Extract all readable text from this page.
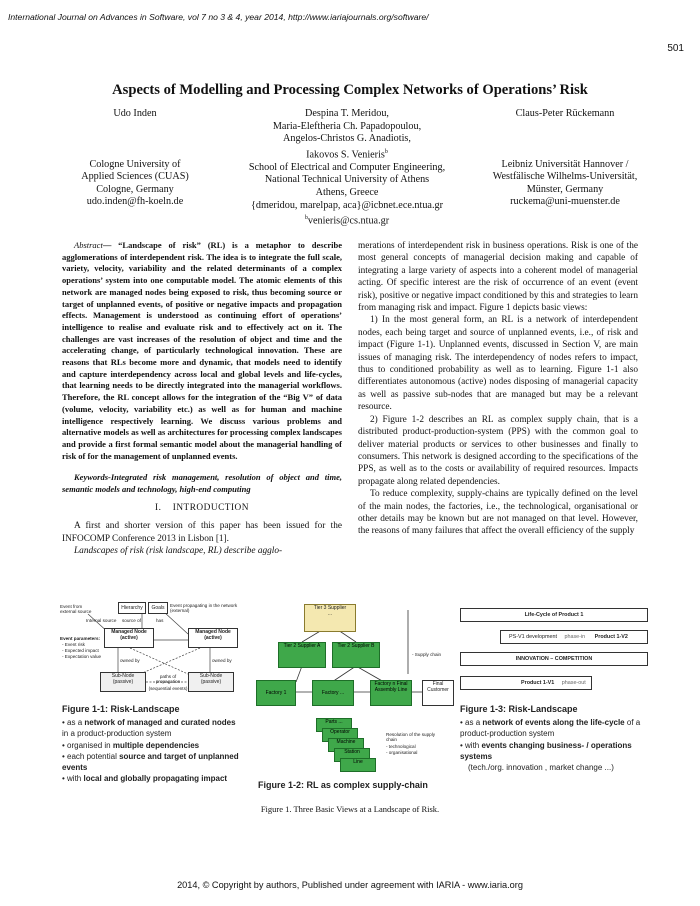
International Journal on Advances in Software, vol 7 no 3 & 4, year 2014, http://www.iariajournals.org/software/
501
Aspects of Modelling and Processing Complex Networks of Operations’ Risk
Udo Inden
Cologne University of
Applied Sciences (CUAS)
Cologne, Germany
udo.inden@fh-koeln.de
Despina T. Meridou,
Maria-Eleftheria Ch. Papadopoulou,
Angelos-Christos G. Anadiotis,
Iakovos S. Venieris$^b$
School of Electrical and Computer Engineering,
National Technical University of Athens
Athens, Greece
{dmeridou, marelpap, aca}@icbnet.ece.ntua.gr
$^b$venieris@cs.ntua.gr
Claus-Peter Rückemann
Leibniz Universität Hannover /
Westfälische Wilhelms-Universität,
Münster, Germany
ruckema@uni-muenster.de

Abstract— “Landscape of risk” (RL) is a metaphor to describe agglomerations of interdependent risk. The idea is to integrate the full scale, variety, velocity, variability and the related determinants of a complex operations’ system into one computable model. The atomic elements of this network are managed nodes being exposed to risk, thus becoming source or target of unplanned events, of positive or negative impacts and propagation effects. Management is understood as continuing effort of operations’ intelligence to realise and evaluate risk and to effectively act on it. The challenges are vast increases of the resolution of object and time and the accelerating change, of particularly technological innovation. These are reasons that RLs become more and dynamic, that models need to identify and capture interdependency across local and global levels and life-cycles, that learning needs to be directly integrated into the managerial workflows. Therefore, the RL concept allows for the integration of the “Big V” of data (volume, velocity, variability etc.) as well as for human and machine intelligence respectively learning. We discuss various problems and alternative models as well as architectures for processing complex landscapes and provide a first formal semantic model about the managerial handling of risk of for the management of unplanned events.

Keywords-Integrated risk management, resolution of object and time, semantic models and technology, high-end computing

I. INTRODUCTION

A first and shorter version of this paper has been issued for the INFOCOMP Conference 2013 in Lisbon [1].

Landscapes of risk (risk landscape, RL) describe agglo-

merations of interdependent risk in business operations. Risk is one of the most general concepts of managerial decision making and capable of integrating a large variety of aspects into a coherent model of managerial acting. Of specific interest are the risk of occurrence of an event (event risk), positive or negative impact conditioned by this and strategies to learn from managing risk and impact. Figure 1 depicts basic views:

1) In the most general form, an RL is a network of interdependent nodes, each being target and source of unplanned events, i.e., of risk and impact (Figure 1-1). Unplanned events, discussed in Section V, are main issues of managing risk. The interdependency of nodes refers to impact, thus to conditioned probability as well as to learning. Figure 1-1 also differentiates autonomous (active) nodes disposing of managerial capacity as well as passive sub-nodes that are managed but may be a relevant resource.

2) Figure 1-2 describes an RL as complex supply chain, that is a distributed product-production-system (PPS) with the common goal to deliver material products or services to other businesses and finally to consumers. This network is designed according to the specifications of the PPS, as well as to the costs or availability of required resources. Impacts propagate along related dependencies.

To reduce complexity, supply-chains are typically defined on the level of the main nodes, the factories, i.e., the technological, organisational or other details may be known but are not managed on that level. However, the reasons of many failures that affect the overall efficiency of the supply

Event from external source
Hierarchy	Goals	Event propagating in the network (external)
Internal source	source of	has
Managed Node (active)
Managed Node (active)
Event parameters:
- Event risk
- Expected impact
- Expectation value
owned by	owned by
Sub-Node (passive)
Sub-Node (passive)
paths of propagation
(sequential events)
Figure 1-1: Risk-Landscape
• as a network of managed and curated nodes in a product-production system
• organised in multiple dependencies
• each potential source and target of unplanned events
• with local and globally propagating impact
Tier 3 Supplier
...
Tier 2 Supplier A	Tier 2 Supplier B
- Supply chain
Factory 1	Factory ...
Factory n Final Assembly Line
Final Customer
Parts ...
Operator
Machine
Station
Line
Resolution of the supply chain
- technological
- organisational
Figure 1-2: RL as complex supply-chain
Life-Cycle of Product 1
PS-V1 development phase-in Product 1-V2
INNOVATION – COMPETITION
Product 1-V1 phase-out
Figure 1-3: Risk-Landscape
• as a network of events along the life-cycle of a product-production system
• with events changing business- / operations systems
(tech./org. innovation , market change ...)
Figure 1. Three Basic Views at a Landscape of Risk.
2014, © Copyright by authors, Published under agreement with IARIA - www.iaria.org
